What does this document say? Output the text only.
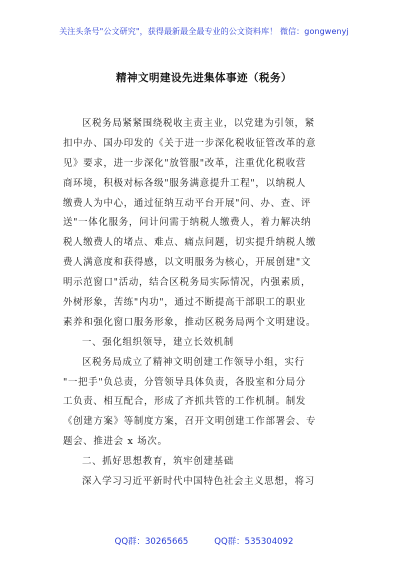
关注头条号"公文研究"，获得最新最全最专业的公文资料库！ 微信：gongwenyj
精神文明建设先进集体事迹（税务）
区税务局紧紧围绕税收主责主业，以党建为引领，紧
扣中办、国办印发的《关于进一步深化税收征管改革的意
见》要求，进一步深化"放管服"改革，注重优化税收营
商环境，积极对标各级"服务满意提升工程"，以纳税人
缴费人为中心，通过征纳互动平台开展"问、办、查、评
送"一体化服务，问计问需于纳税人缴费人，着力解决纳
税人缴费人的堵点、难点、痛点问题，切实提升纳税人缴
费人满意度和获得感，以文明服务为核心，开展创建"文
明示范窗口"活动，结合区税务局实际情况，内强素质，
外树形象，苦练"内功"，通过不断提高干部职工的职业
素养和强化窗口服务形象，推动区税务局两个文明建设。
一、强化组织领导，建立长效机制
区税务局成立了精神文明创建工作领导小组，实行
"一把手"负总责，分管领导具体负责，各股室和分局分
工负责、相互配合，形成了齐抓共管的工作机制。制发
《创建方案》等制度方案，召开文明创建工作部署会、专
题会、推进会 x 场次。
二、抓好思想教育，筑牢创建基础
深入学习习近平新时代中国特色社会主义思想，将习
QQ群：30265665	QQ群：535304092
